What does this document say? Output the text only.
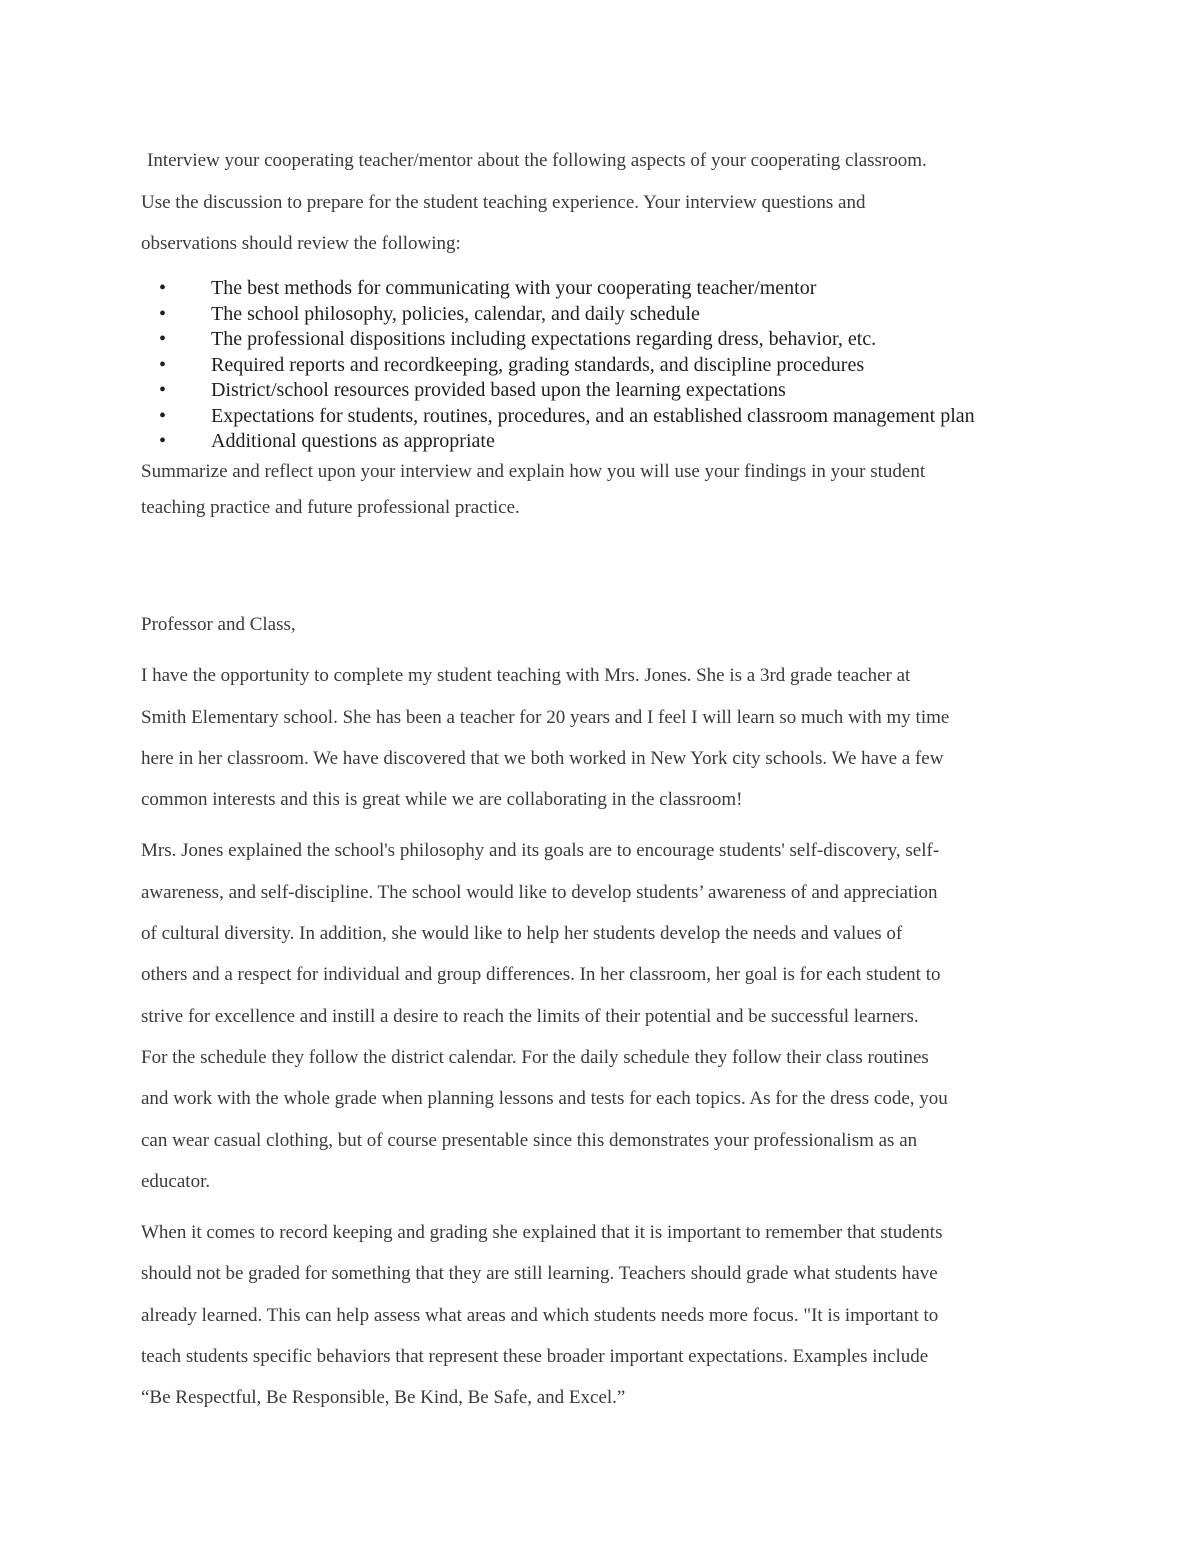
Interview your cooperating teacher/mentor about the following aspects of your cooperating classroom.
Use the discussion to prepare for the student teaching experience. Your interview questions and
observations should review the following:
• The best methods for communicating with your cooperating teacher/mentor
• The school philosophy, policies, calendar, and daily schedule
• The professional dispositions including expectations regarding dress, behavior, etc.
• Required reports and recordkeeping, grading standards, and discipline procedures
• District/school resources provided based upon the learning expectations
• Expectations for students, routines, procedures, and an established classroom management plan
• Additional questions as appropriate
Summarize and reflect upon your interview and explain how you will use your findings in your student
teaching practice and future professional practice.

Professor and Class,

I have the opportunity to complete my student teaching with Mrs. Jones. She is a 3rd grade teacher at
Smith Elementary school. She has been a teacher for 20 years and I feel I will learn so much with my time
here in her classroom. We have discovered that we both worked in New York city schools. We have a few
common interests and this is great while we are collaborating in the classroom!

Mrs. Jones explained the school's philosophy and its goals are to encourage students' self-discovery, self-
awareness, and self-discipline. The school would like to develop students’ awareness of and appreciation
of cultural diversity. In addition, she would like to help her students develop the needs and values of
others and a respect for individual and group differences. In her classroom, her goal is for each student to
strive for excellence and instill a desire to reach the limits of their potential and be successful learners.
For the schedule they follow the district calendar. For the daily schedule they follow their class routines
and work with the whole grade when planning lessons and tests for each topics. As for the dress code, you
can wear casual clothing, but of course presentable since this demonstrates your professionalism as an
educator.

When it comes to record keeping and grading she explained that it is important to remember that students
should not be graded for something that they are still learning. Teachers should grade what students have
already learned. This can help assess what areas and which students needs more focus. "It is important to
teach students specific behaviors that represent these broader important expectations. Examples include
“Be Respectful, Be Responsible, Be Kind, Be Safe, and Excel.”
